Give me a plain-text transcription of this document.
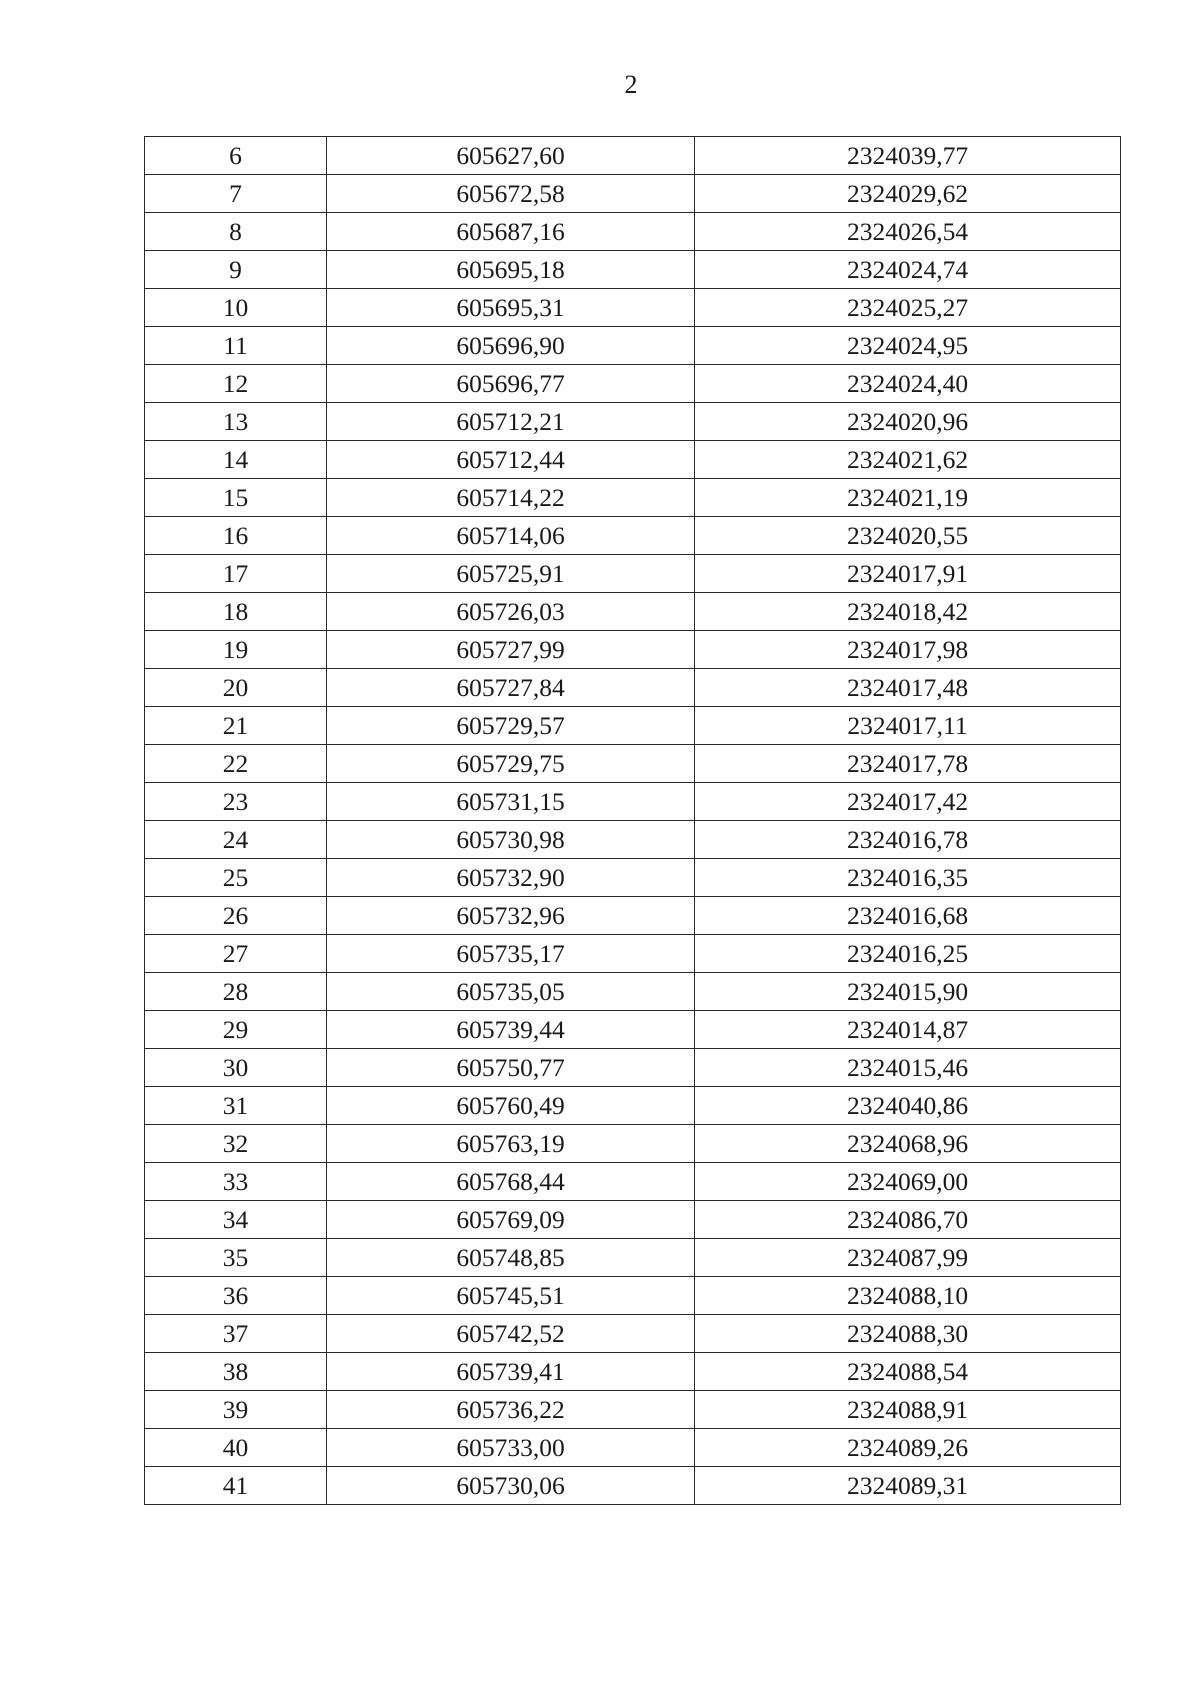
2
6	605627,60	2324039,77
7	605672,58	2324029,62
8	605687,16	2324026,54
9	605695,18	2324024,74
10	605695,31	2324025,27
11	605696,90	2324024,95
12	605696,77	2324024,40
13	605712,21	2324020,96
14	605712,44	2324021,62
15	605714,22	2324021,19
16	605714,06	2324020,55
17	605725,91	2324017,91
18	605726,03	2324018,42
19	605727,99	2324017,98
20	605727,84	2324017,48
21	605729,57	2324017,11
22	605729,75	2324017,78
23	605731,15	2324017,42
24	605730,98	2324016,78
25	605732,90	2324016,35
26	605732,96	2324016,68
27	605735,17	2324016,25
28	605735,05	2324015,90
29	605739,44	2324014,87
30	605750,77	2324015,46
31	605760,49	2324040,86
32	605763,19	2324068,96
33	605768,44	2324069,00
34	605769,09	2324086,70
35	605748,85	2324087,99
36	605745,51	2324088,10
37	605742,52	2324088,30
38	605739,41	2324088,54
39	605736,22	2324088,91
40	605733,00	2324089,26
41	605730,06	2324089,31
